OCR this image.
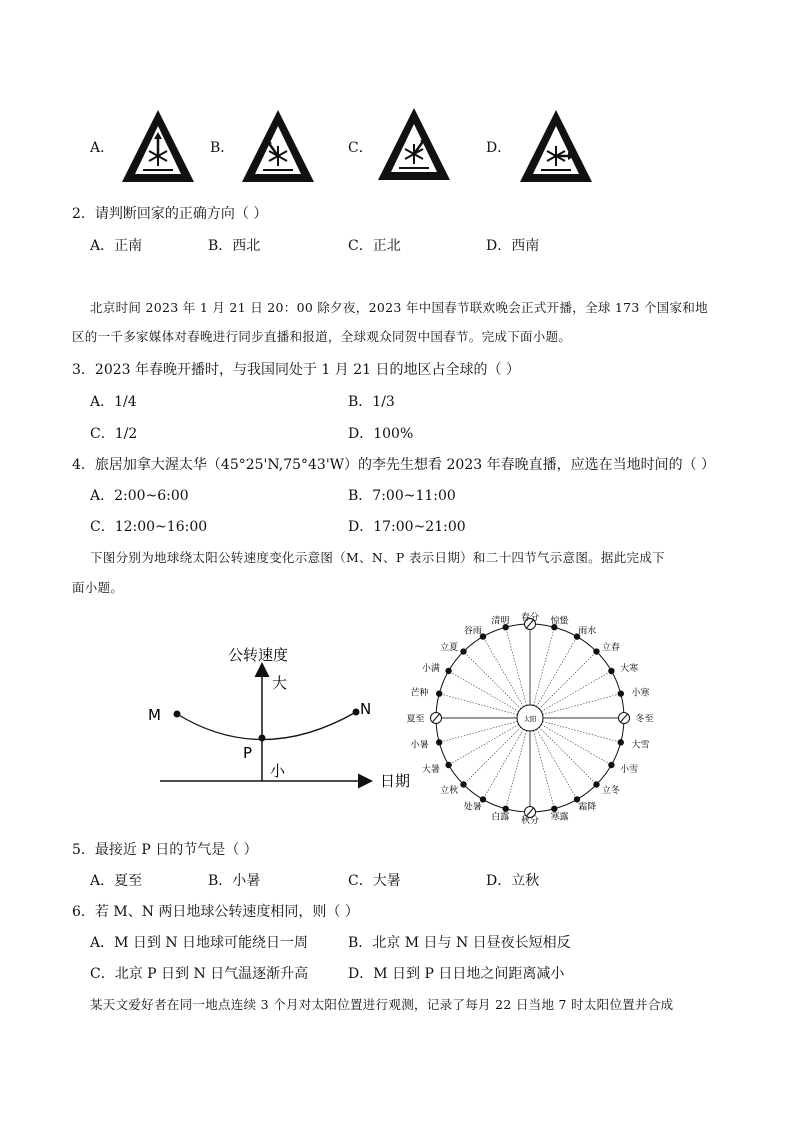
A．	B．	C．	D．
2．请判断回家的正确方向（ ）
A．正南	B．西北	C．正北	D．西南
北京时间 2023 年 1 月 21 日 20：00 除夕夜，2023 年中国春节联欢晚会正式开播，全球 173 个国家和地
区的一千多家媒体对春晚进行同步直播和报道，全球观众同贺中国春节。完成下面小题。
3．2023 年春晚开播时，与我国同处于 1 月 21 日的地区占全球的（ ）
A．1/4	B．1/3
C．1/2	D．100%
4．旅居加拿大渥太华（45°25'N,75°43'W）的李先生想看 2023 年春晚直播，应选在当地时间的（ ）
A．2:00~6:00	B．7:00~11:00
C．12:00~16:00	D．17:00~21:00
下图分别为地球绕太阳公转速度变化示意图（M、N、P 表示日期）和二十四节气示意图。据此完成下
面小题。
公转速度
大
小
日期
M	N
P
太阳
春分 惊蛰
雨水
立春
大寒
小寒
冬至
大雪
小雪
立冬
霜降
寒露
秋分
白露
处暑
立秋
大暑
小暑
夏至
芒种
小满
立夏
谷雨
清明
5．最接近 P 日的节气是（ ）
A．夏至	B．小暑	C．大暑	D．立秋
6．若 M、N 两日地球公转速度相同，则（ ）
A．M 日到 N 日地球可能绕日一周	B．北京 M 日与 N 日昼夜长短相反
C．北京 P 日到 N 日气温逐渐升高	D．M 日到 P 日日地之间距离减小
某天文爱好者在同一地点连续 3 个月对太阳位置进行观测，记录了每月 22 日当地 7 时太阳位置并合成
